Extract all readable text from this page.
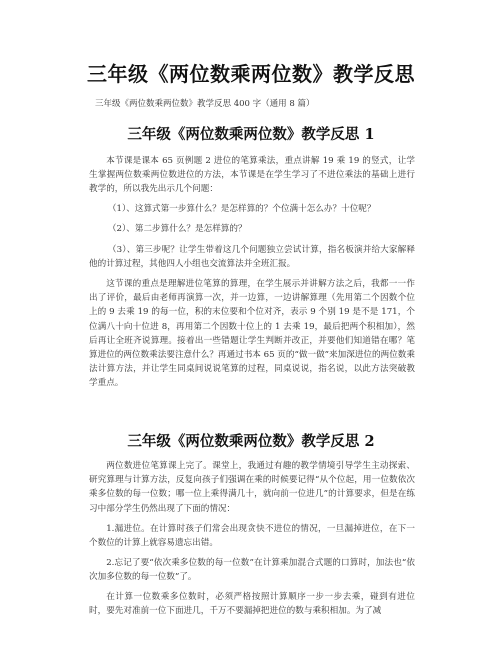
三年级《两位数乘两位数》教学反思

三年级《两位数乘两位数》教学反思 400 字（通用 8 篇）

三年级《两位数乘两位数》教学反思 1

本节课是课本 65 页例题 2 进位的笔算乘法，重点讲解 19 乘 19 的竖式，让学生掌握两位数乘两位数进位的方法，本节课是在学生学习了不进位乘法的基础上进行教学的，所以我先出示几个问题：

（1）、这算式第一步算什么？是怎样算的？个位满十怎么办？十位呢？

（2）、第二步算什么？是怎样算的？

（3）、第三步呢？让学生带着这几个问题独立尝试计算，指名板演并给大家解释他的计算过程，其他四人小组也交流算法并全班汇报。

这节课的重点是理解进位笔算的算理，在学生展示并讲解方法之后，我都一一作出了评价，最后由老师再演算一次，并一边算，一边讲解算理（先用第二个因数个位上的 9 去乘 19 的每一位，积的末位要和个位对齐，表示 9 个别 19 是不是 171，个位满八十向十位进 8，再用第二个因数十位上的 1 去乘 19，最后把两个积相加），然后再让全班齐说算理。接着出一些错题让学生判断并改正，并要他们知道错在哪？笔算进位的两位数乘法要注意什么？再通过书本 65 页的“做一做”来加深进位的两位数乘法计算方法，并让学生同桌间说说笔算的过程，同桌说说，指名说，以此方法突破教学重点。

三年级《两位数乘两位数》教学反思 2

两位数进位笔算课上完了。课堂上，我通过有趣的教学情境引导学生主动探索、研究算理与计算方法，反复向孩子们强调在乘的时候要记得“从个位起，用一位数依次乘多位数的每一位数；哪一位上乘得满几十，就向前一位进几”的计算要求，但是在练习中部分学生仍然出现了下面的情况：

1.漏进位。在计算时孩子们常会出现贪快不进位的情况，一旦漏掉进位，在下一个数位的计算上就容易遗忘出错。

2.忘记了要“依次乘多位数的每一位数”在计算乘加混合式题的口算时，加法也“依次加多位数的每一位数”了。

在计算一位数乘多位数时，必须严格按照计算顺序一步一步去乘，碰到有进位时，要先对准前一位下面进几，千万不要漏掉把进位的数与乘积相加。为了减
